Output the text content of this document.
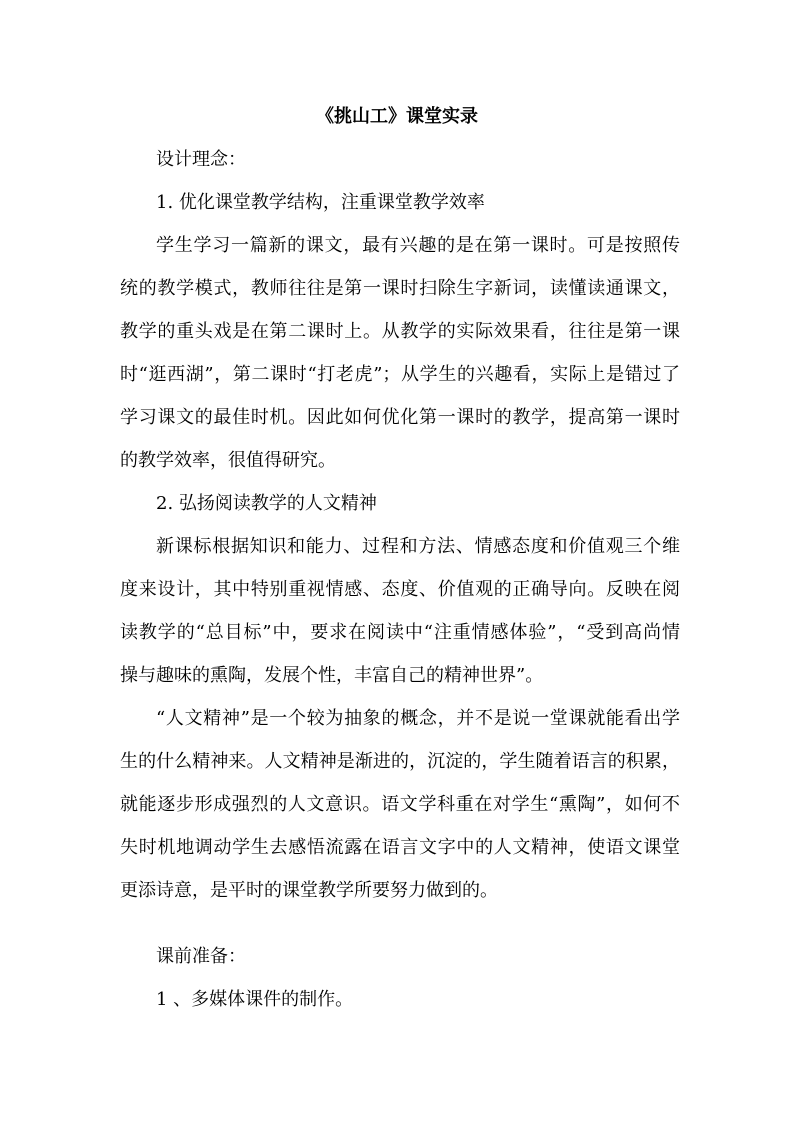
《挑山工》课堂实录
设计理念：
1. 优化课堂教学结构，注重课堂教学效率
学生学习一篇新的课文，最有兴趣的是在第一课时。可是按照传
统的教学模式，教师往往是第一课时扫除生字新词，读懂读通课文，
教学的重头戏是在第二课时上。从教学的实际效果看，往往是第一课
时“逛西湖”，第二课时“打老虎”；从学生的兴趣看，实际上是错过了
学习课文的最佳时机。因此如何优化第一课时的教学，提高第一课时
的教学效率，很值得研究。
2. 弘扬阅读教学的人文精神
新课标根据知识和能力、过程和方法、情感态度和价值观三个维
度来设计，其中特别重视情感、态度、价值观的正确导向。反映在阅
读教学的“总目标”中，要求在阅读中“注重情感体验”，“受到高尚情
操与趣味的熏陶，发展个性，丰富自己的精神世界”。
“人文精神”是一个较为抽象的概念，并不是说一堂课就能看出学
生的什么精神来。人文精神是渐进的，沉淀的，学生随着语言的积累，
就能逐步形成强烈的人文意识。语文学科重在对学生“熏陶”，如何不
失时机地调动学生去感悟流露在语言文字中的人文精神，使语文课堂
更添诗意，是平时的课堂教学所要努力做到的。
课前准备：
1 、多媒体课件的制作。
